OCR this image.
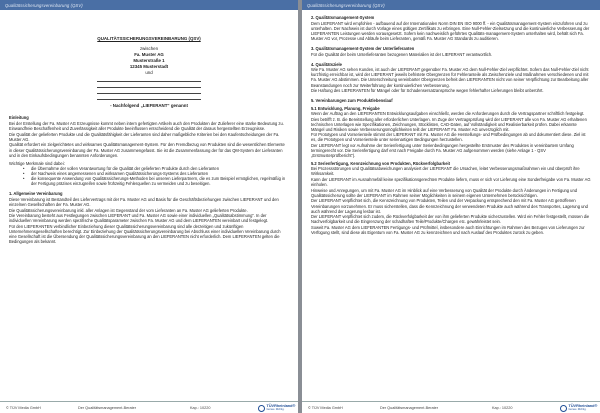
Qualitätssicherungsvereinbarung (QSV)
QUALITÄTSSICHERUNGSVEREINBARUNG (QSV)
zwischen
Fa. Muster AG
Musterstraße 1
12345 Musterstadt
und
- Nachfolgend „LIEFERANT“ genannt
Einleitung

Bei der Erstellung der Fa. Muster AG Erzeugnisse kommt neben intern gefertigten Artikeln auch den Produkten der Zulieferer eine starke Bedeutung zu.

Einwandfreie Beschaffenheit und Zuverlässigkeit aller Produkte beeinflussen entscheidend die Qualität der daraus hergestellten Erzeugnisse.

Die Qualität der gelieferten Produkte und die Qualitätsfähigkeit der Lieferanten sind daher maßgebliche Kriterien bei den Kaufentscheidungen der Fa. Muster AG.

Qualität erfordert ein zielgerichtetes und wirksames Qualitätsmanagement-System. Für den Fremdbezug von Produkten sind die wesentlichen Elemente in dieser Qualitätssicherungsvereinbarung der Fa. Muster AG zusammengefasst. Sie ist die Zusammenfassung der für das QM-System der Lieferanten und in den Einkaufsbedingungen benannten Anforderungen.

Wichtige Merkmale sind dabei:

• die Übernahme der vollen Verantwortung für die Qualität der gelieferten Produkte durch den Lieferanten
• der Nachweis eines angemessenen und wirksamen Qualitätssicherungs-Systems des Lieferanten
• die konsequente Anwendung von Qualitätssicherungs-Methoden bei unseren Lieferpartnern, die es zum Beispiel ermöglichen, regelmäßig in der Fertigung präzises einzugreifen sowie frühzeitig Fehlerquellen zu vermeiden und zu beseitigen.
1. Allgemeine Vereinbarung

Diese Vereinbarung ist Bestandteil des Liefervertrags mit der Fa. Muster AG und Basis für die Geschäftsbeziehungen zwischen LIEFERANT und den einzelnen Gesellschaften der Fa. Muster AG.

Die Qualitätssicherungsvereinbarung inkl. aller Anlagen ist Gegenstand der vom Lieferanten an Fa. Muster AG gelieferten Produkte.

Die Vereinbarung besteht aus Festlegungen zwischen LIEFERANT und Fa. Muster AG sowie einer individuellen „Qualitätsabstimmung“. In der individuellen Vereinbarung werden spezifische Qualitätsparameter zwischen Fa. Muster AG und dem LIEFERANTEN vereinbart und festgelegt.

Für den LIEFERANTEN verbindlicher Einbeziehung dieser Qualitätssicherungsvereinbarung sind alle derzeitigen und zukünftigen Unternehmensgesellschaften berechtigt. Zur Einbeziehung der Qualitätssicherungsvereinbarung bei Abschluss einer individuellen Vereinbarung durch eine Gesellschaft ist die Übersendung der Qualitätssicherungsvereinbarung an den LIEFERANTEN nicht erforderlich. Dem LIEFERANTEN gelten die Bedingungen als bekannt.

© TÜV Media GmbH	Der Qualitätsmanagement-Berater	Kap.: 10220	TÜVRheinland®
Genau. Richtig.
Qualitätssicherungsvereinbarung (QSV)
2. Qualitätsmanagement-System

Dem LIEFERANT wird empfohlen - aufbauend auf der Internationalen Norm DIN EN ISO 9000 ff. - ein Qualitätsmanagement-System einzuführen und zu unterhalten. Der Nachweis ist durch Vorlage eines gültigen Zertifikats zu erbringen. Eine Null-Fehler-Zielsetzung und die kontinuierliche Verbesserung der LIEFERANTEN Leistungen werden vorausgesetzt. Sofern kein nachweislich geführtes Qualitäts-management-System unterhalten wird, behält sich Fa. Muster AG vor, Prozesse und Abläufe beim Lieferanten, gemäß Fa. Muster AG Standards zu auditieren.

3. Qualitätsmanagement-System der Unterlieferanten

Für die Qualität der beim Unterlieferanten bezogenen Materialien ist der LIEFERANT verantwortlich.

4. Qualitätsziele

Wie Fa. Muster AG sehen Kunden, ist auch der LIEFERANT gegenüber Fa. Muster AG dem Null-Fehler-Ziel verpflichtet. Sofern das Null-Fehler-Ziel nicht kurzfristig erreichbar ist, wird der LIEFERANT jeweils befristete Obergrenzen für Fehleranteile als Zwischenziele und Maßnahmen verschiedenen und mit Fa. Muster AG abstimmen. Die Unterschreitung vereinbarter Obergrenzen befreit den LIEFERANTEN nicht von seiner Verpflichtung zur Bearbeitung aller Beanstandungen noch zur Weiterführung der kontinuierlichen Verbesserung.

Die Haftung des LIEFERANTEN für Mängel oder für Schadensersatzansprüche wegen fehlerhafter Lieferungen bleibt unberührt.

5. Vereinbarungen zum Produktlebenslauf
5.1 Entwicklung, Planung, Freigabe

Wenn der Auftrag an den LIEFERANTEN Entwicklungsaufgaben einschließt, werden die Anforderungen durch die Vertragspartner schriftlich festgelegt. Dies betrifft z. B. die Bereitstellung aller erforderlichen Unterlagen. Im Zuge der Vertragsprüfung wird der LIEFERANT alle von Fa. Muster AG erhaltenen technischen Unterlagen wie Spezifikationen, Zeichnungen, Stücklisten, CAD-Daten, auf Vollständigkeit und Realisierbarkeit prüfen. Dabei erkannte Mängel und Risiken sowie Verbesserungsmöglichkeiten teilt der LIEFERANT Fa. Muster AG unverzüglich mit.

Für Prototypen und Vorserienteile stimmt der LIEFERANT mit Fa. Muster AG die Herstellungs- und Prüfbedingungen ab und dokumentiert diese. Ziel ist es, die Prototypen und Vorserienteile unter serienartigen Bedingungen herzustellen.

Der LIEFERANT legt vor Aufnahme der Serienfertigung unter Serienbedingungen hergestellte Erstmuster des Produktes in vereinbartem Umfang termingerecht vor. Die Serienfertigung darf erst nach Freigabe durch Fa. Muster AG aufgenommen werden (siehe Anlage 1 - QSV „Erstmusterprüfbericht“).

5.2 Serienfertigung, Kennzeichnung von Produkten, Rückverfolgbarkeit

Bei Prozessstörungen und Qualitätsabweichungen analysiert der LIEFERANT die Ursachen, leitet Verbesserungsmaßnahmen ein und überprüft ihre Wirksamkeit.

Kann der LIEFERANT im Ausnahmefall keine spezifikationsgerechten Produkte liefern, muss er sich vor Lieferung eine Sonderfreigabe von Fa. Muster AG einholen.

Hinweise und Anregungen, um mit Fa. Muster AG im Hinblick auf eine Verbesserung von Qualität der Produkte durch Änderungen in Fertigung und Qualitätssicherung sollte der LIEFERANT im Rahmen seiner Möglichkeiten in seinem eigenen Unternehmen berücksichtigen.

Der LIEFERANT verpflichtet sich, die Kennzeichnung von Produkten, Teilen und der Verpackung entsprechend den mit Fa. Muster AG getroffenen Vereinbarungen vorzunehmen. Er muss sicherstellen, dass die Kennzeichnung der verwendeten Produkte auch während des Transportes, Lagerung und auch während der Lagerung lesbar ist.

Der LIEFERANT verpflichtet sich zudem, die Rückverfolgbarkeit der von ihm gelieferten Produkte sicherzustellen. Wird ein Fehler festgestellt, müssen die Nachverfolgbarkeit und die Eingrenzung der schadhaften Teile/Produkte/Chargen etc. gewährleistet sein.

Soweit Fa. Muster AG dem LIEFERANTEN Fertigungs- und Prüfmittel, insbesondere auch Einrichtungen im Rahmen des Bezuges von Lieferungen zur Verfügung stellt, sind diese als Eigentum von Fa. Muster AG zu kennzeichnen und nach Auslauf des Produktes zurück zu geben.

© TÜV Media GmbH	Der Qualitätsmanagement-Berater	Kap.: 10220	TÜVRheinland®
Genau. Richtig.
